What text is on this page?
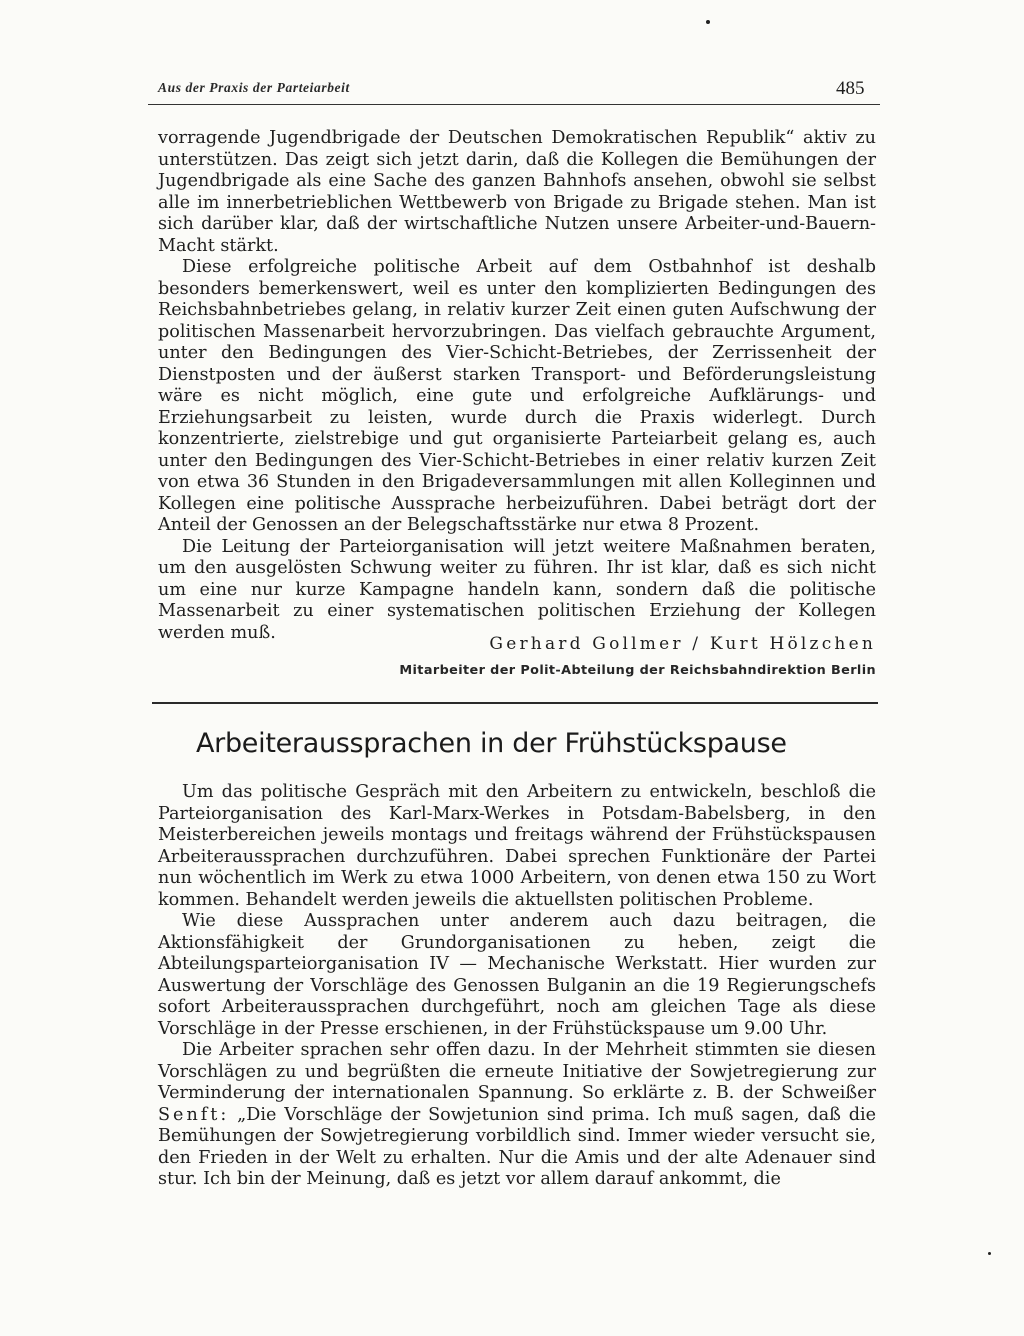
Aus der Praxis der Parteiarbeit	485

vorragende Jugendbrigade der Deutschen Demokratischen Republik“ aktiv zu unterstützen. Das zeigt sich jetzt darin, daß die Kollegen die Bemühungen der Jugendbrigade als eine Sache des ganzen Bahnhofs ansehen, obwohl sie selbst alle im innerbetrieblichen Wettbewerb von Brigade zu Brigade stehen. Man ist sich darüber klar, daß der wirtschaftliche Nutzen unsere Arbeiter-und-Bauern-Macht stärkt.

Diese erfolgreiche politische Arbeit auf dem Ostbahnhof ist deshalb besonders bemerkenswert, weil es unter den komplizierten Bedingungen des Reichsbahnbetriebes gelang, in relativ kurzer Zeit einen guten Aufschwung der politischen Massenarbeit hervorzubringen. Das vielfach gebrauchte Argument, unter den Bedingungen des Vier-Schicht-Betriebes, der Zerrissenheit der Dienstposten und der äußerst starken Transport- und Beförderungsleistung wäre es nicht möglich, eine gute und erfolgreiche Aufklärungs- und Erziehungsarbeit zu leisten, wurde durch die Praxis widerlegt. Durch konzentrierte, zielstrebige und gut organisierte Parteiarbeit gelang es, auch unter den Bedingungen des Vier-Schicht-Betriebes in einer relativ kurzen Zeit von etwa 36 Stunden in den Brigadeversammlungen mit allen Kolleginnen und Kollegen eine politische Aussprache herbeizuführen. Dabei beträgt dort der Anteil der Genossen an der Belegschaftsstärke nur etwa 8 Prozent.

Die Leitung der Parteiorganisation will jetzt weitere Maßnahmen beraten, um den ausgelösten Schwung weiter zu führen. Ihr ist klar, daß es sich nicht um eine nur kurze Kampagne handeln kann, sondern daß die politische Massenarbeit zu einer systematischen politischen Erziehung der Kollegen werden muß.

Gerhard Gollmer / Kurt Hölzchen
Mitarbeiter der Polit-Abteilung der Reichsbahndirektion Berlin
Arbeiteraussprachen in der Frühstückspause

Um das politische Gespräch mit den Arbeitern zu entwickeln, beschloß die Parteiorganisation des Karl-Marx-Werkes in Potsdam-Babelsberg, in den Meisterbereichen jeweils montags und freitags während der Frühstückspausen Arbeiteraussprachen durchzuführen. Dabei sprechen Funktionäre der Partei nun wöchentlich im Werk zu etwa 1000 Arbeitern, von denen etwa 150 zu Wort kommen. Behandelt werden jeweils die aktuellsten politischen Probleme.

Wie diese Aussprachen unter anderem auch dazu beitragen, die Aktionsfähigkeit der Grundorganisationen zu heben, zeigt die Abteilungsparteiorganisation IV — Mechanische Werkstatt. Hier wurden zur Auswertung der Vorschläge des Genossen Bulganin an die 19 Regierungschefs sofort Arbeiteraussprachen durchgeführt, noch am gleichen Tage als diese Vorschläge in der Presse erschienen, in der Frühstückspause um 9.00 Uhr.

Die Arbeiter sprachen sehr offen dazu. In der Mehrheit stimmten sie diesen Vorschlägen zu und begrüßten die erneute Initiative der Sowjetregierung zur Verminderung der internationalen Spannung. So erklärte z. B. der Schweißer Senft: „Die Vorschläge der Sowjetunion sind prima. Ich muß sagen, daß die Bemühungen der Sowjetregierung vorbildlich sind. Immer wieder versucht sie, den Frieden in der Welt zu erhalten. Nur die Amis und der alte Adenauer sind stur. Ich bin der Meinung, daß es jetzt vor allem darauf ankommt, die
